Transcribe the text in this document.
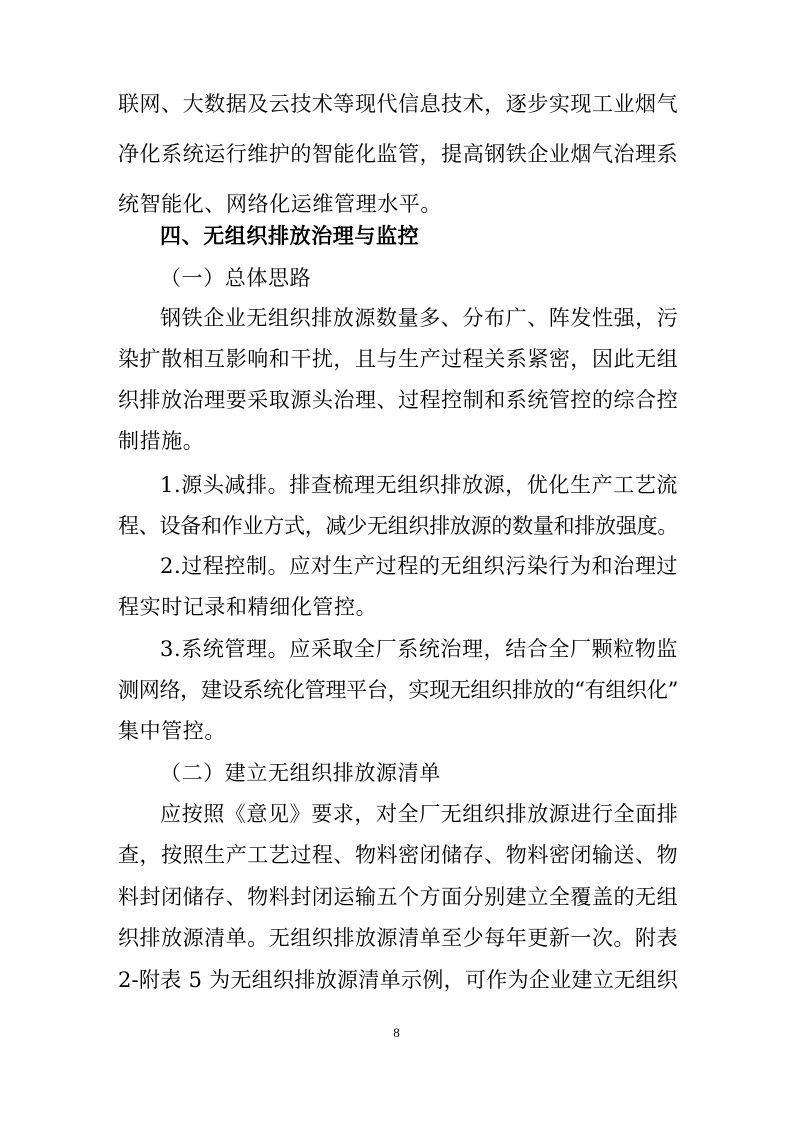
联网、大数据及云技术等现代信息技术，逐步实现工业烟气
净化系统运行维护的智能化监管，提高钢铁企业烟气治理系
统智能化、网络化运维管理水平。
四、无组织排放治理与监控
（一）总体思路
钢铁企业无组织排放源数量多、分布广、阵发性强，污
染扩散相互影响和干扰，且与生产过程关系紧密，因此无组
织排放治理要采取源头治理、过程控制和系统管控的综合控
制措施。
1.源头减排。排查梳理无组织排放源，优化生产工艺流
程、设备和作业方式，减少无组织排放源的数量和排放强度。
2.过程控制。应对生产过程的无组织污染行为和治理过
程实时记录和精细化管控。
3.系统管理。应采取全厂系统治理，结合全厂颗粒物监
测网络，建设系统化管理平台，实现无组织排放的“有组织化”
集中管控。
（二）建立无组织排放源清单
应按照《意见》要求，对全厂无组织排放源进行全面排
查，按照生产工艺过程、物料密闭储存、物料密闭输送、物
料封闭储存、物料封闭运输五个方面分别建立全覆盖的无组
织排放源清单。无组织排放源清单至少每年更新一次。附表
2-附表 5 为无组织排放源清单示例，可作为企业建立无组织
8
